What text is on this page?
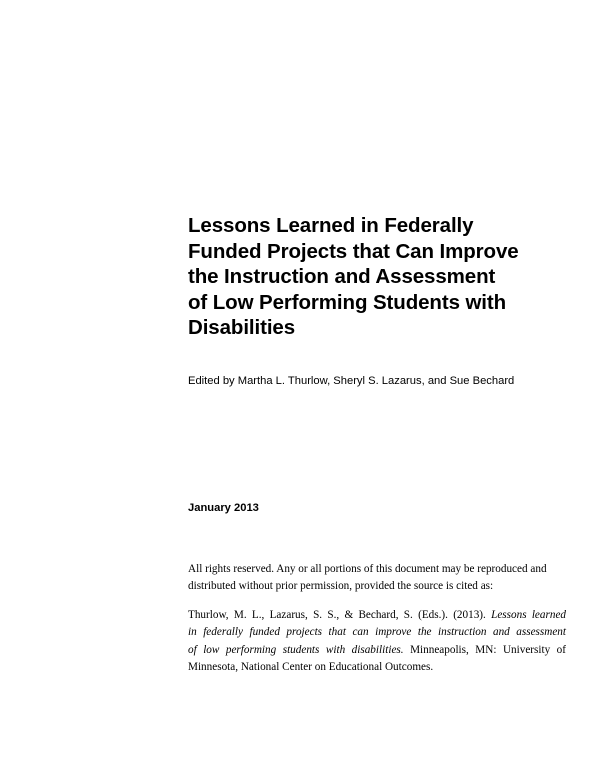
Lessons Learned in Federally
Funded Projects that Can Improve
the Instruction and Assessment
of Low Performing Students with
Disabilities
Edited by Martha L. Thurlow, Sheryl S. Lazarus, and Sue Bechard
January 2013

All rights reserved. Any or all portions of this document may be reproduced and
distributed without prior permission, provided the source is cited as:

Thurlow, M. L., Lazarus, S. S., & Bechard, S. (Eds.). (2013). Lessons learned
in federally funded projects that can improve the instruction and assessment
of low performing students with disabilities. Minneapolis, MN: University of
Minnesota, National Center on Educational Outcomes.
